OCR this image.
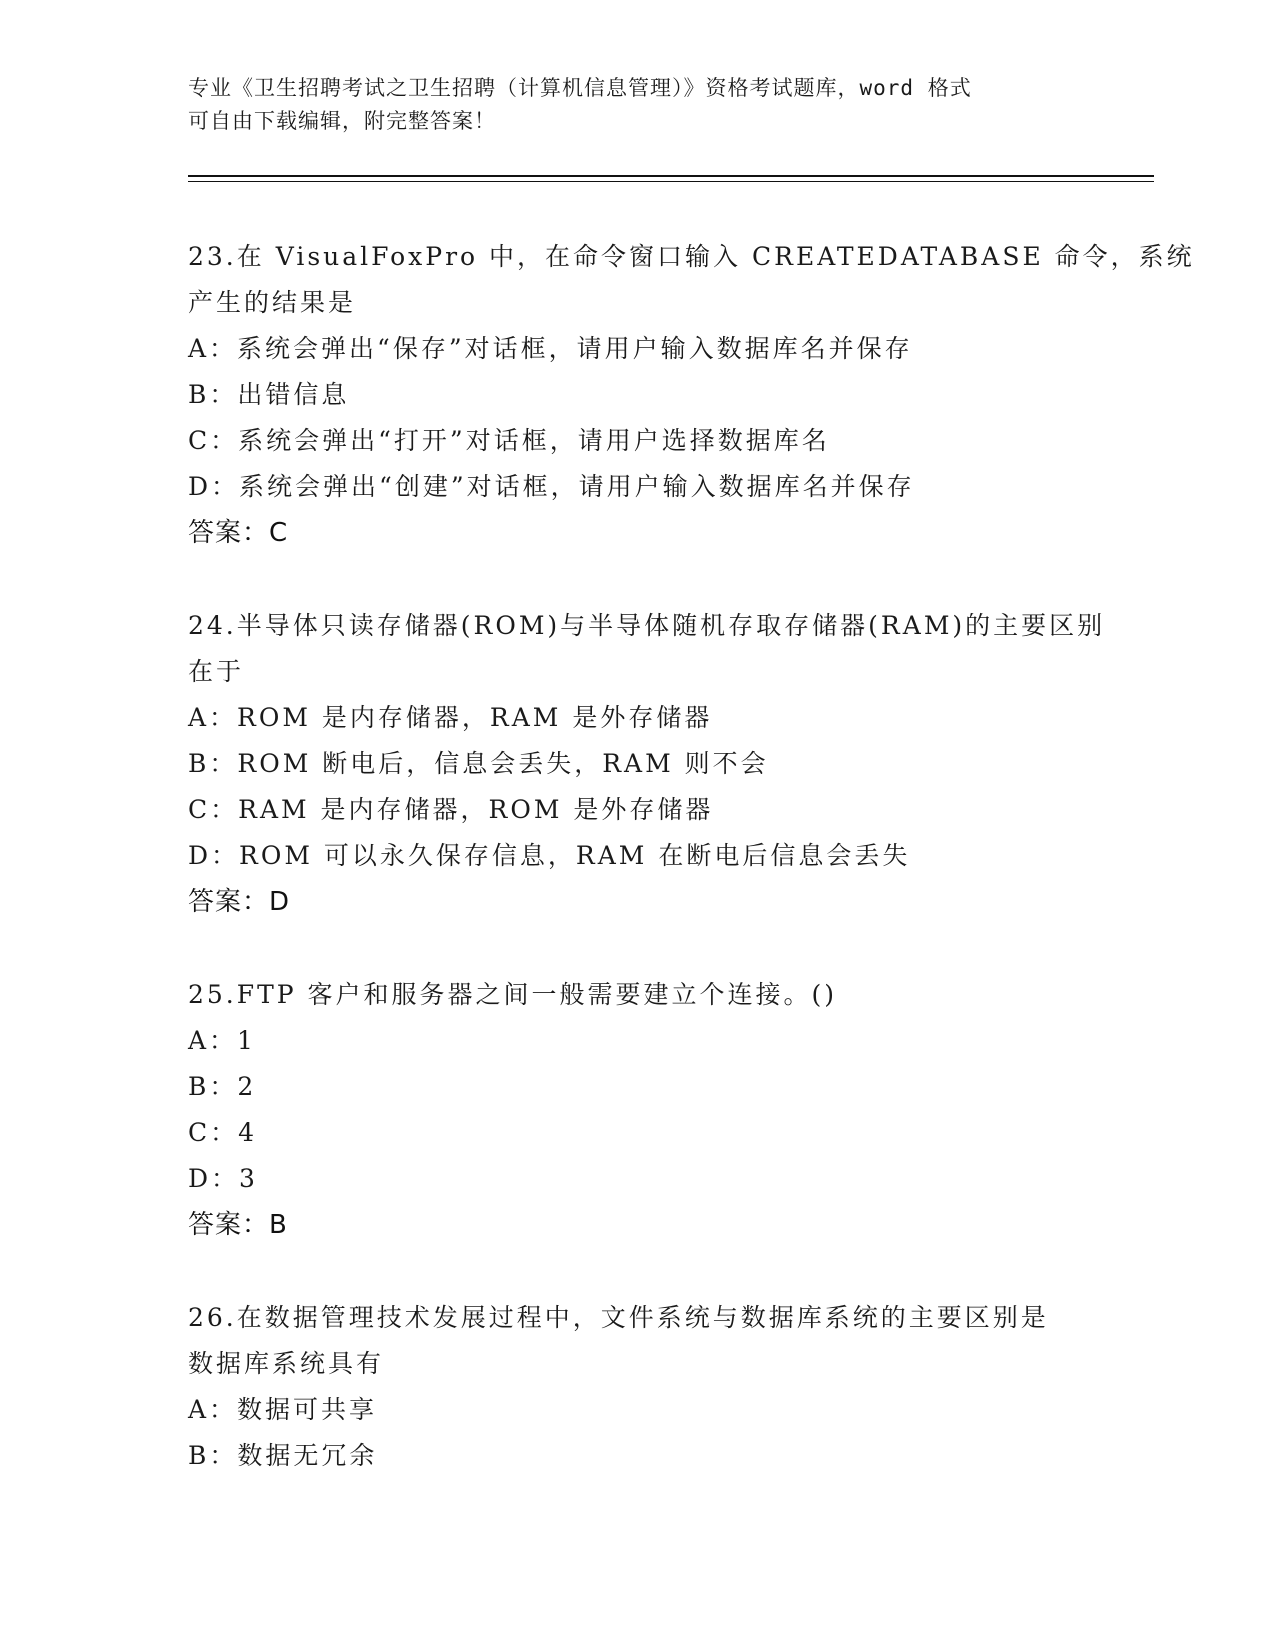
专业《卫生招聘考试之卫生招聘（计算机信息管理）》资格考试题库，word 格式
可自由下载编辑，附完整答案！
23.在 VisualFoxPro 中，在命令窗口输入 CREATEDATABASE 命令，系统
产生的结果是
A：系统会弹出“保存”对话框，请用户输入数据库名并保存
B：出错信息
C：系统会弹出“打开”对话框，请用户选择数据库名
D：系统会弹出“创建”对话框，请用户输入数据库名并保存
答案：C
24.半导体只读存储器(ROM)与半导体随机存取存储器(RAM)的主要区别
在于
A：ROM 是内存储器，RAM 是外存储器
B：ROM 断电后，信息会丢失，RAM 则不会
C：RAM 是内存储器，ROM 是外存储器
D：ROM 可以永久保存信息，RAM 在断电后信息会丢失
答案：D
25.FTP 客户和服务器之间一般需要建立个连接。()
A：1
B：2
C：4
D：3
答案：B
26.在数据管理技术发展过程中，文件系统与数据库系统的主要区别是
数据库系统具有
A：数据可共享
B：数据无冗余
